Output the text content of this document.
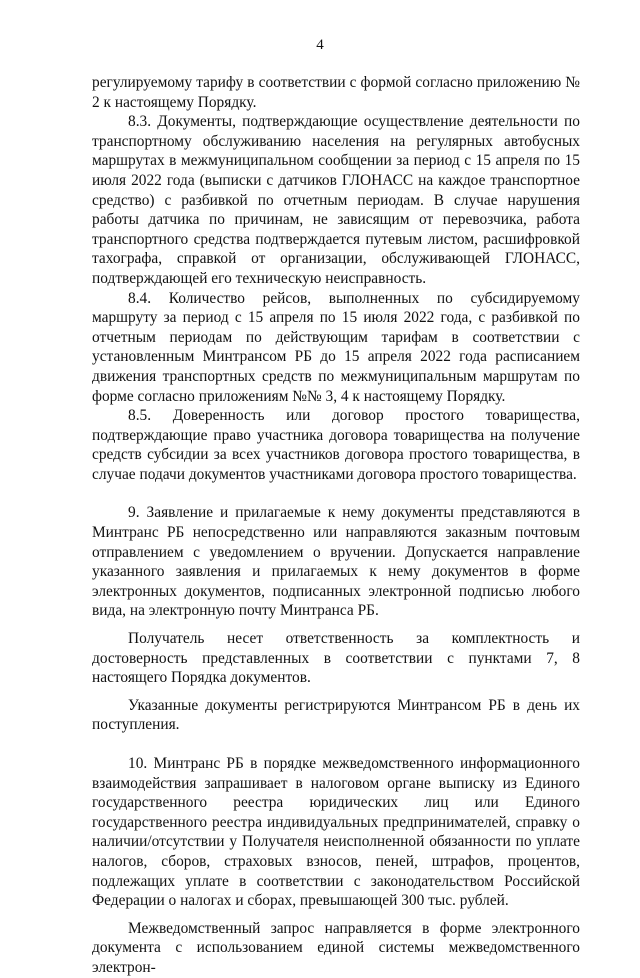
4

регулируемому тарифу в соответствии с формой согласно приложению № 2 к настоящему Порядку.

8.3. Документы, подтверждающие осуществление деятельности по транспортному обслуживанию населения на регулярных автобусных маршрутах в межмуниципальном сообщении за период с 15 апреля по 15 июля 2022 года (выписки с датчиков ГЛОНАСС на каждое транспортное средство) с разбивкой по отчетным периодам. В случае нарушения работы датчика по причинам, не зависящим от перевозчика, работа транспортного средства подтверждается путевым листом, расшифровкой тахографа, справкой от организации, обслуживающей ГЛОНАСС, подтверждающей его техническую неисправность.

8.4. Количество рейсов, выполненных по субсидируемому маршруту за период с 15 апреля по 15 июля 2022 года, с разбивкой по отчетным периодам по действующим тарифам в соответствии с установленным Минтрансом РБ до 15 апреля 2022 года расписанием движения транспортных средств по межмуниципальным маршрутам по форме согласно приложениям №№ 3, 4 к настоящему Порядку.

8.5. Доверенность или договор простого товарищества, подтверждающие право участника договора товарищества на получение средств субсидии за всех участников договора простого товарищества, в случае подачи документов участниками договора простого товарищества.

9. Заявление и прилагаемые к нему документы представляются в Минтранс РБ непосредственно или направляются заказным почтовым отправлением с уведомлением о вручении. Допускается направление указанного заявления и прилагаемых к нему документов в форме электронных документов, подписанных электронной подписью любого вида, на электронную почту Минтранса РБ.

Получатель несет ответственность за комплектность и достоверность представленных в соответствии с пунктами 7, 8 настоящего Порядка документов.

Указанные документы регистрируются Минтрансом РБ в день их поступления.

10. Минтранс РБ в порядке межведомственного информационного взаимодействия запрашивает в налоговом органе выписку из Единого государственного реестра юридических лиц или Единого государственного реестра индивидуальных предпринимателей, справку о наличии/отсутствии у Получателя неисполненной обязанности по уплате налогов, сборов, страховых взносов, пеней, штрафов, процентов, подлежащих уплате в соответствии с законодательством Российской Федерации о налогах и сборах, превышающей 300 тыс. рублей.

Межведомственный запрос направляется в форме электронного документа с использованием единой системы межведомственного электрон-
